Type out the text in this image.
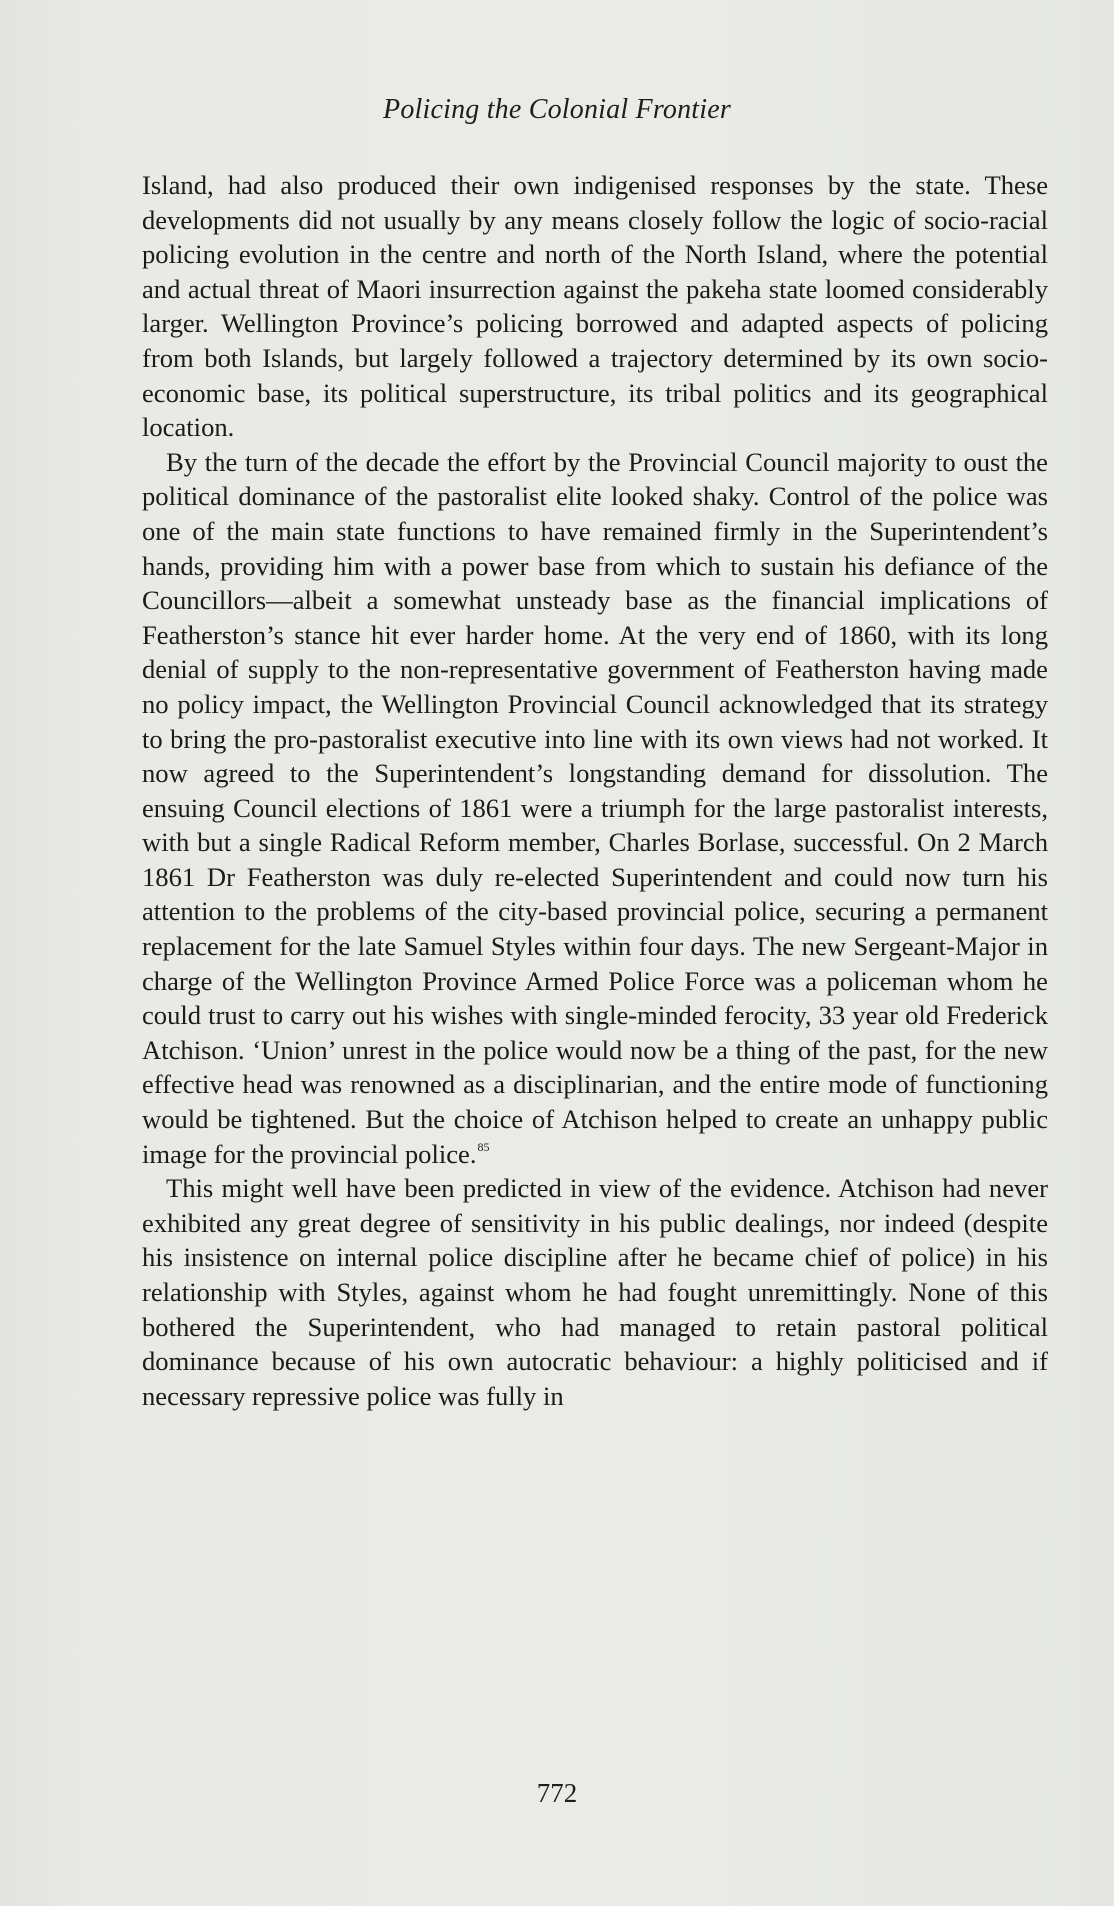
Policing the Colonial Frontier

Island, had also produced their own indigenised responses by the state. These developments did not usually by any means closely follow the logic of socio-racial policing evolution in the centre and north of the North Island, where the potential and actual threat of Maori insurrection against the pakeha state loomed considerably larger. Wellington Province’s policing borrowed and adapted aspects of policing from both Islands, but largely followed a trajectory determined by its own socio-economic base, its political superstructure, its tribal politics and its geographical location.

By the turn of the decade the effort by the Provincial Council majority to oust the political dominance of the pastoralist elite looked shaky. Control of the police was one of the main state functions to have remained firmly in the Superintendent’s hands, providing him with a power base from which to sustain his defiance of the Councillors—albeit a somewhat unsteady base as the financial implications of Featherston’s stance hit ever harder home. At the very end of 1860, with its long denial of supply to the non-representative government of Featherston having made no policy impact, the Wellington Provincial Council acknowledged that its strategy to bring the pro-pastoralist executive into line with its own views had not worked. It now agreed to the Superintendent’s longstanding demand for dissolution. The ensuing Council elections of 1861 were a triumph for the large pastoralist interests, with but a single Radical Reform member, Charles Borlase, successful. On 2 March 1861 Dr Featherston was duly re-elected Superintendent and could now turn his attention to the problems of the city-based provincial police, securing a permanent replacement for the late Samuel Styles within four days. The new Sergeant-Major in charge of the Wellington Province Armed Police Force was a policeman whom he could trust to carry out his wishes with single-minded ferocity, 33 year old Frederick Atchison. ‘Union’ unrest in the police would now be a thing of the past, for the new effective head was renowned as a disciplinarian, and the entire mode of functioning would be tightened. But the choice of Atchison helped to create an unhappy public image for the provincial police.$^{85}$

This might well have been predicted in view of the evidence. Atchison had never exhibited any great degree of sensitivity in his public dealings, nor indeed (despite his insistence on internal police discipline after he became chief of police) in his relationship with Styles, against whom he had fought unremittingly. None of this bothered the Superintendent, who had managed to retain pastoral political dominance because of his own autocratic behaviour: a highly politicised and if necessary repressive police was fully in

772
